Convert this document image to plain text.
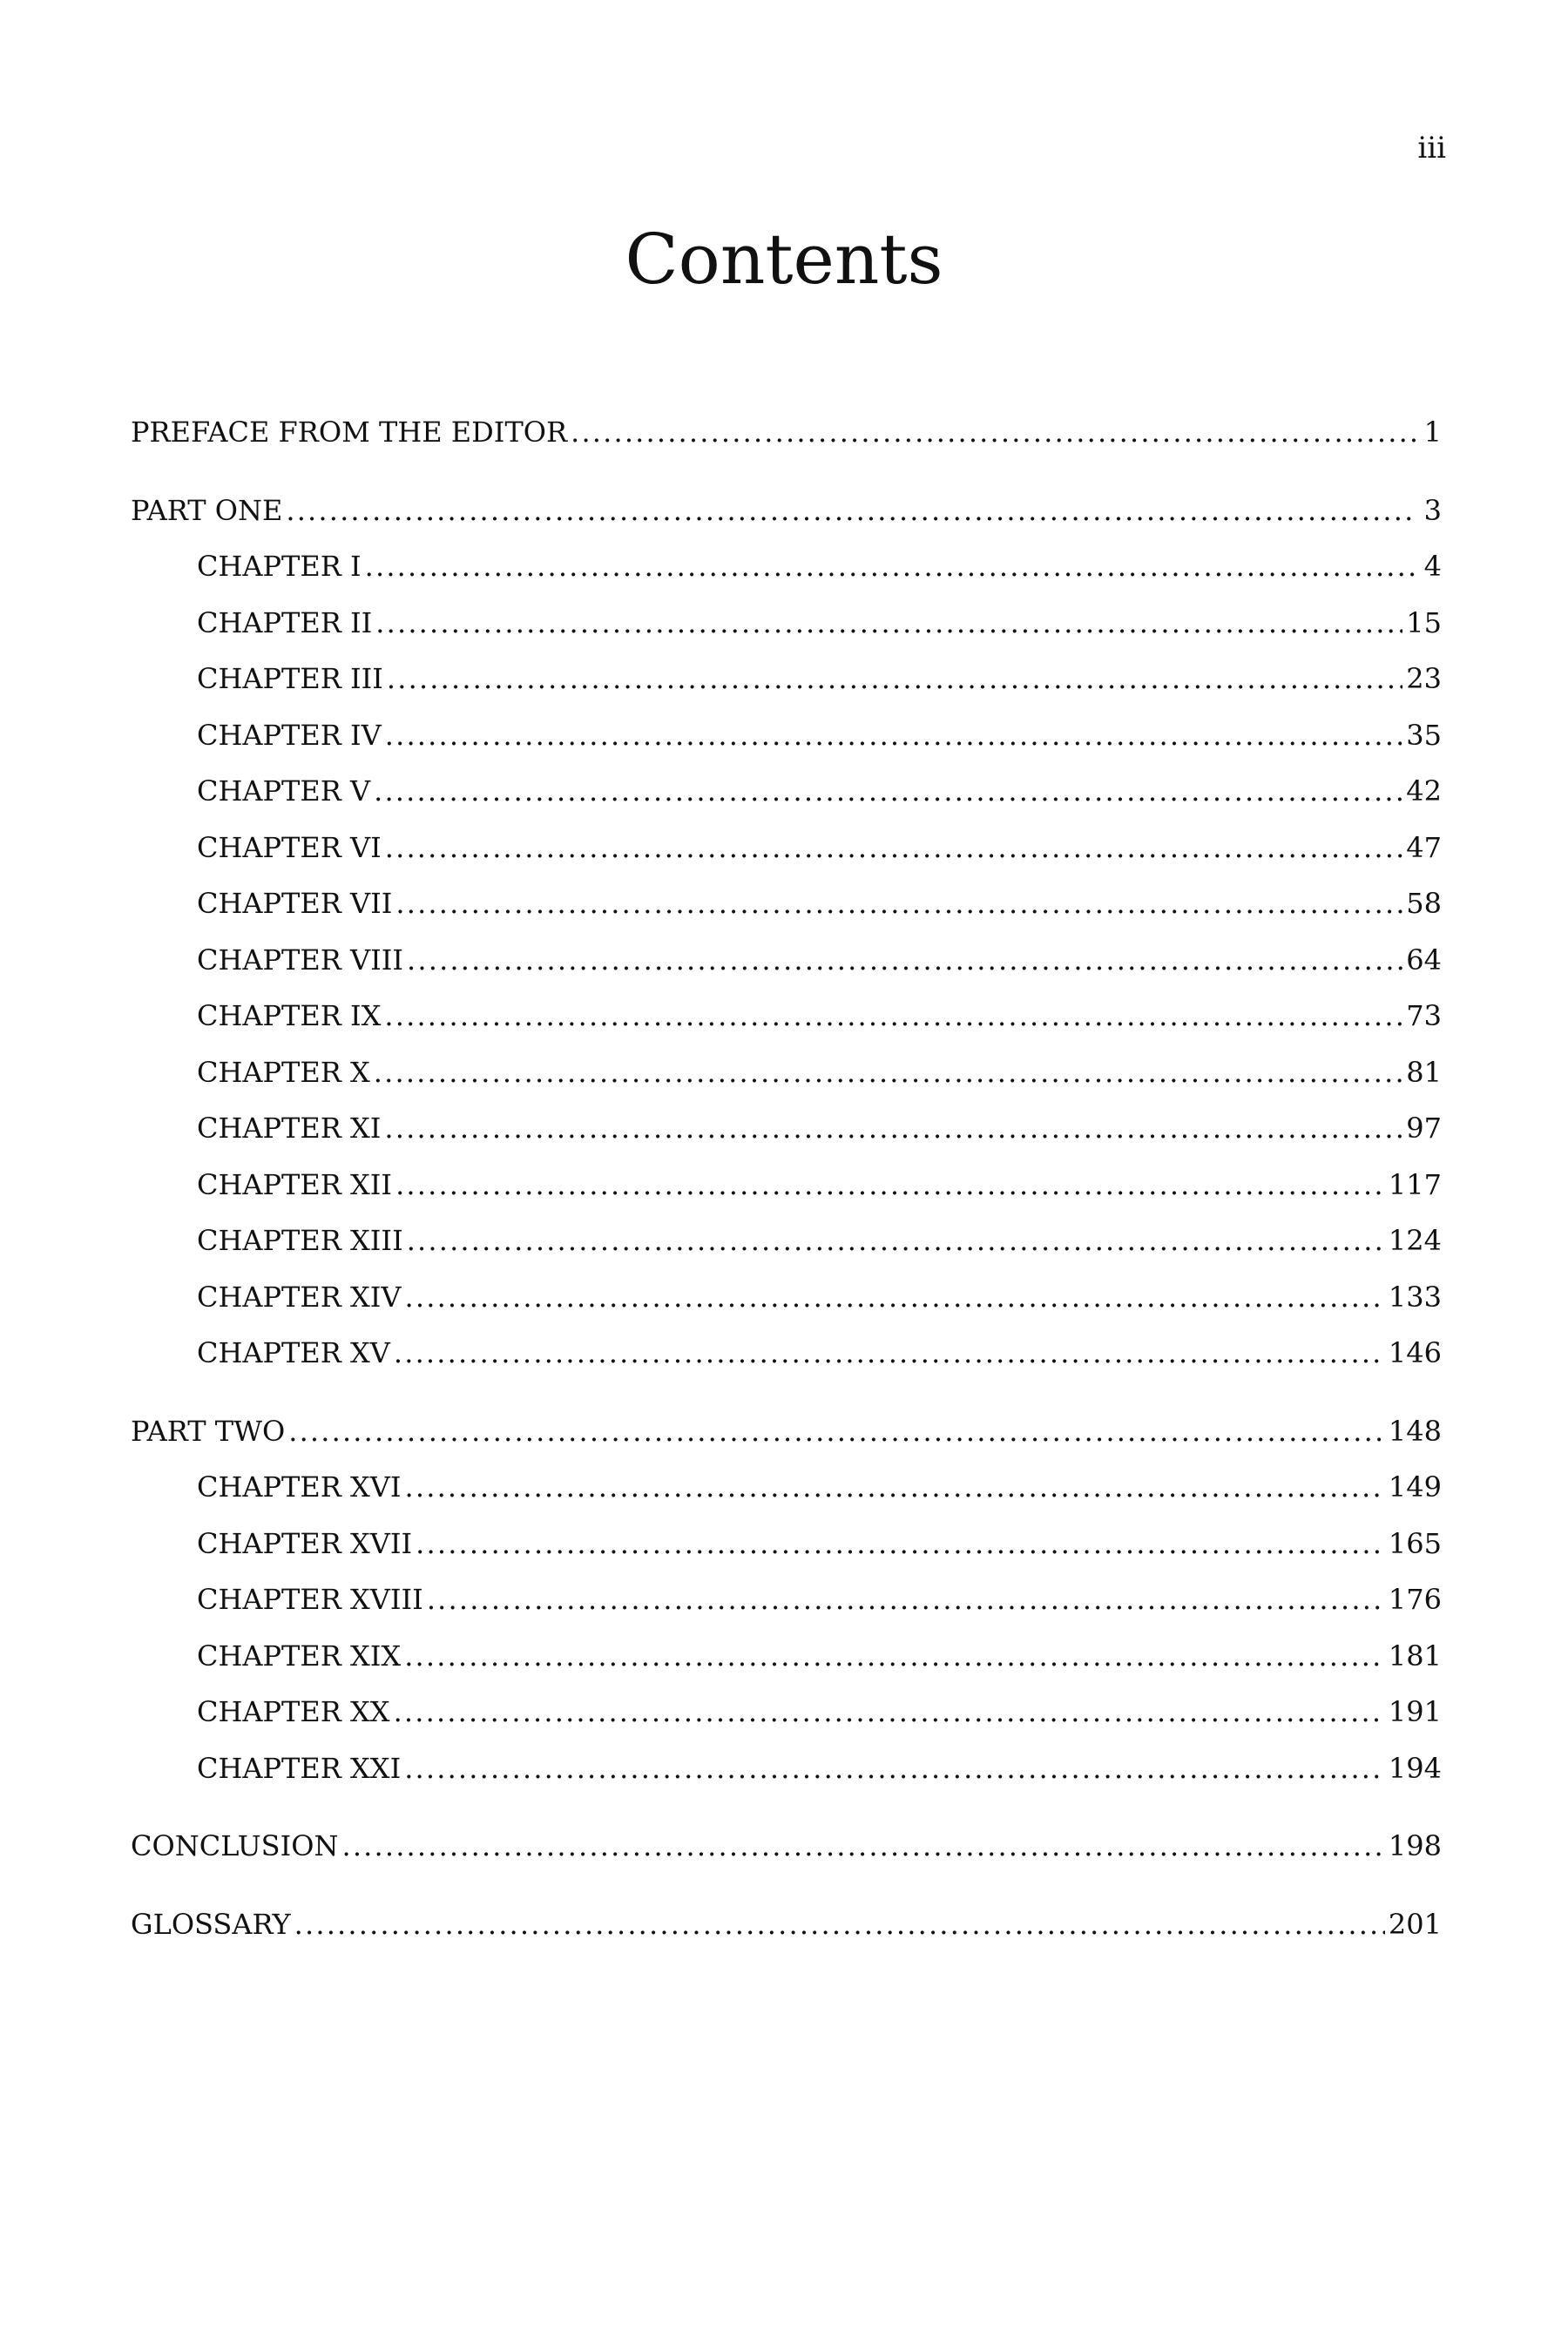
iii
Contents
PREFACE FROM THE EDITOR . . .	1
PART ONE . . .	3
CHAPTER I . . .	4
CHAPTER II . . .	15
CHAPTER III . . .	23
CHAPTER IV . . .	35
CHAPTER V . . .	42
CHAPTER VI . . .	47
CHAPTER VII . . .	58
CHAPTER VIII . . .	64
CHAPTER IX . . .	73
CHAPTER X . . .	81
CHAPTER XI . . .	97
CHAPTER XII . . .	117
CHAPTER XIII . . .	124
CHAPTER XIV . . .	133
CHAPTER XV . . .	146
PART TWO . . .	148
CHAPTER XVI . . .	149
CHAPTER XVII . . .	165
CHAPTER XVIII . . .	176
CHAPTER XIX . . .	181
CHAPTER XX . . .	191
CHAPTER XXI . . .	194
CONCLUSION . . .	198
GLOSSARY . . .	201
